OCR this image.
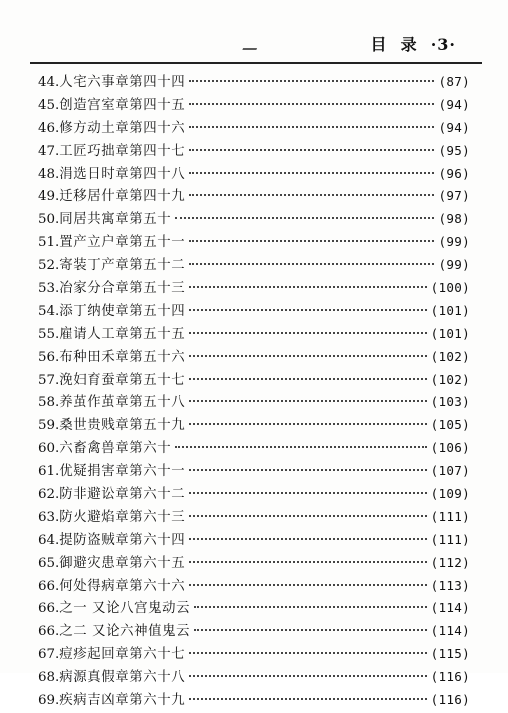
目  录  ·3·
44. 人宅六事章第四十四	(87)
45. 创造宫室章第四十五	(94)
46. 修方动土章第四十六	(94)
47. 工匠巧拙章第四十七	(95)
48. 涓选日时章第四十八	(96)
49. 迁移居什章第四十九	(97)
50. 同居共寓章第五十	(98)
51. 置产立户章第五十一	(99)
52. 寄装丁产章第五十二	(99)
53. 冶家分合章第五十三	(100)
54. 添丁纳使章第五十四	(101)
55. 雇请人工章第五十五	(101)
56. 布种田禾章第五十六	(102)
57. 浼妇育蚕章第五十七	(102)
58. 养茧作茧章第五十八	(103)
59. 桑世贵贱章第五十九	(105)
60. 六畜禽兽章第六十	(106)
61. 优疑捐害章第六十一	(107)
62. 防非避讼章第六十二	(109)
63. 防火避焰章第六十三	(111)
64. 提防盗贼章第六十四	(111)
65. 御避灾患章第六十五	(112)
66. 何处得病章第六十六	(113)
66. 之一 又论八宫鬼动云	(114)
66. 之二 又论六神值鬼云	(114)
67. 痘疹起回章第六十七	(115)
68. 病源真假章第六十八	(116)
69. 疾病吉凶章第六十九	(116)
